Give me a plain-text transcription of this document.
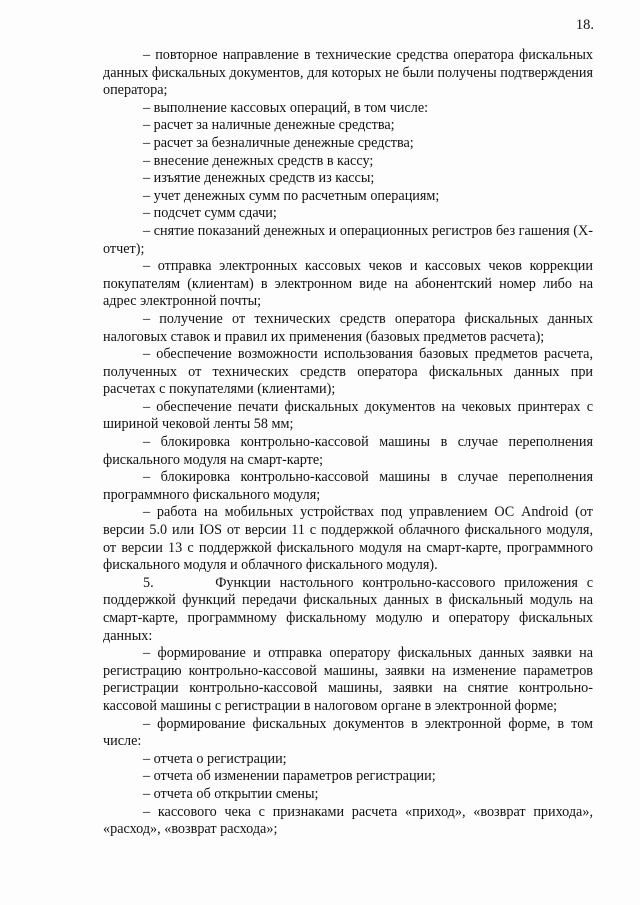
18.

– повторное направление в технические средства оператора фискальных данных фискальных документов, для которых не были получены подтверждения оператора;

– выполнение кассовых операций, в том числе:

– расчет за наличные денежные средства;

– расчет за безналичные денежные средства;

– внесение денежных средств в кассу;

– изъятие денежных средств из кассы;

– учет денежных сумм по расчетным операциям;

– подсчет сумм сдачи;

– снятие показаний денежных и операционных регистров без гашения (X-отчет);

– отправка электронных кассовых чеков и кассовых чеков коррекции покупателям (клиентам) в электронном виде на абонентский номер либо на адрес электронной почты;

– получение от технических средств оператора фискальных данных налоговых ставок и правил их применения (базовых предметов расчета);

– обеспечение возможности использования базовых предметов расчета, полученных от технических средств оператора фискальных данных при расчетах с покупателями (клиентами);

– обеспечение печати фискальных документов на чековых принтерах с шириной чековой ленты 58 мм;

– блокировка контрольно-кассовой машины в случае переполнения фискального модуля на смарт-карте;

– блокировка контрольно-кассовой машины в случае переполнения программного фискального модуля;

– работа на мобильных устройствах под управлением ОС Android (от версии 5.0 или IOS от версии 11 с поддержкой облачного фискального модуля, от версии 13 с поддержкой фискального модуля на смарт-карте, программного фискального модуля и облачного фискального модуля).

5.       Функции настольного контрольно-кассового приложения с поддержкой функций передачи фискальных данных в фискальный модуль на смарт-карте, программному фискальному модулю и оператору фискальных данных:

– формирование и отправка оператору фискальных данных заявки на регистрацию контрольно-кассовой машины, заявки на изменение параметров регистрации контрольно-кассовой машины, заявки на снятие контрольно-кассовой машины с регистрации в налоговом органе в электронной форме;

– формирование фискальных документов в электронной форме, в том числе:

– отчета о регистрации;

– отчета об изменении параметров регистрации;

– отчета об открытии смены;

– кассового чека с признаками расчета «приход», «возврат прихода», «расход», «возврат расхода»;
